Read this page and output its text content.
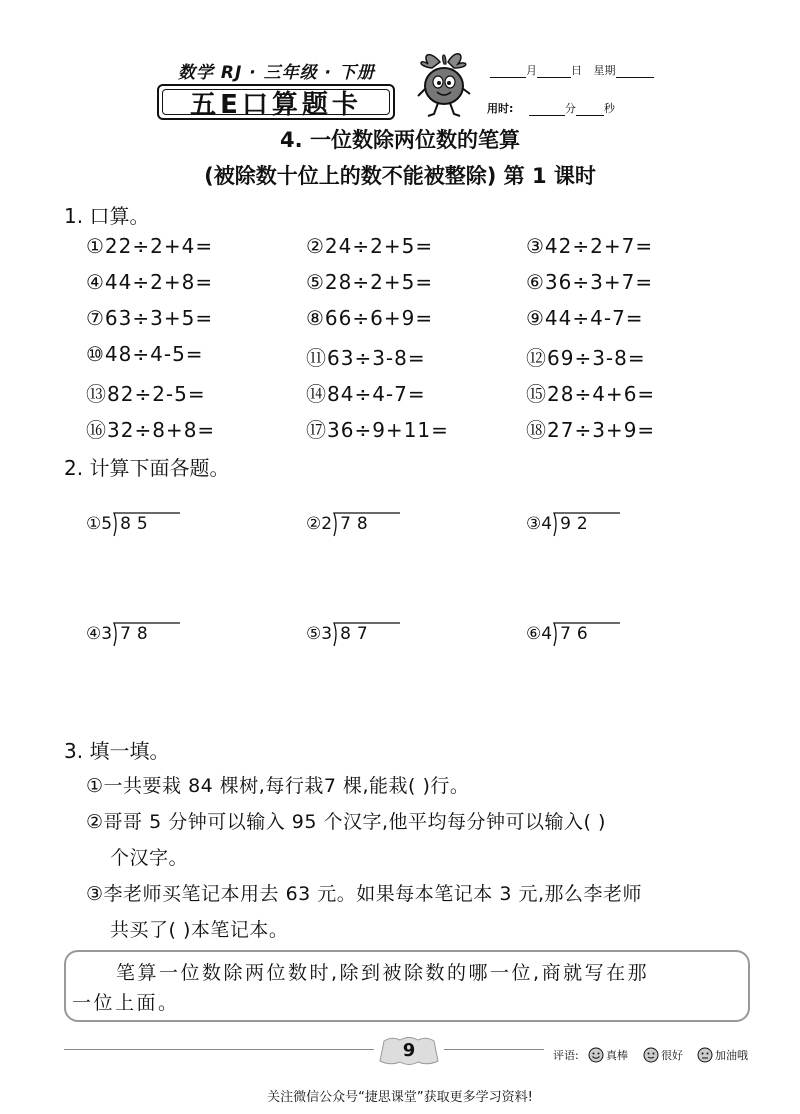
数学 RJ · 三年级 · 下册
五E口算题卡
月	日 星期
用时:	分	秒
4. 一位数除两位数的笔算
(被除数十位上的数不能被整除) 第 1 课时
1. 口算。
①22÷2+4=	②24÷2+5=	③42÷2+7=
④44÷2+8=	⑤28÷2+5=	⑥36÷3+7=
⑦63÷3+5=	⑧66÷6+9=	⑨44÷4-7=
⑩48÷4-5=	⑪63÷3-8=	⑫69÷3-8=
⑬82÷2-5=	⑭84÷4-7=	⑮28÷4+6=
⑯32÷8+8=	⑰36÷9+11=	⑱27÷3+9=
2. 计算下面各题。
① 5 85	② 2 78	③ 4 92
④ 3 78	⑤ 3 87	⑥ 4 76
3. 填一填。
①一共要栽 84 棵树,每行栽7 棵,能栽( )行。
②哥哥 5 分钟可以输入 95 个汉字,他平均每分钟可以输入( )
个汉字。
③李老师买笔记本用去 63 元。如果每本笔记本 3 元,那么李老师
共买了( )本笔记本。
笔算一位数除两位数时,除到被除数的哪一位,商就写在那
一位上面。
9	评语: 真棒	很好	加油哦
关注微信公众号“捷思课堂”获取更多学习资料!
